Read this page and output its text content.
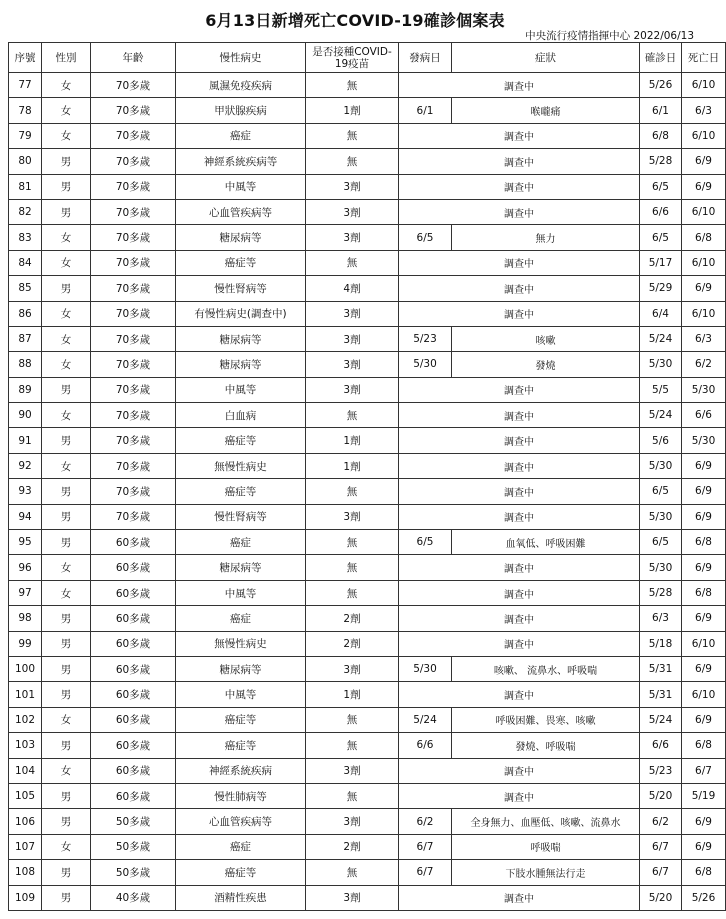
6月13日新增死亡COVID-19確診個案表
中央流行疫情指揮中心 2022/06/13
序號	性別	年齡	慢性病史	是否接種COVID-19疫苗	發病日	症狀	確診日	死亡日
77	女	70多歲	風濕免疫疾病	無	調查中		5/26	6/10
78	女	70多歲	甲狀腺疾病	1劑	6/1	喉嚨痛	6/1	6/3
79	女	70多歲	癌症	無	調查中		6/8	6/10
80	男	70多歲	神經系統疾病等	無	調查中		5/28	6/9
81	男	70多歲	中風等	3劑	調查中		6/5	6/9
82	男	70多歲	心血管疾病等	3劑	調查中		6/6	6/10
83	女	70多歲	糖尿病等	3劑	6/5	無力	6/5	6/8
84	女	70多歲	癌症等	無	調查中		5/17	6/10
85	男	70多歲	慢性腎病等	4劑	調查中		5/29	6/9
86	女	70多歲	有慢性病史(調查中)	3劑	調查中		6/4	6/10
87	女	70多歲	糖尿病等	3劑	5/23	咳嗽	5/24	6/3
88	女	70多歲	糖尿病等	3劑	5/30	發燒	5/30	6/2
89	男	70多歲	中風等	3劑	調查中		5/5	5/30
90	女	70多歲	白血病	無	調查中		5/24	6/6
91	男	70多歲	癌症等	1劑	調查中		5/6	5/30
92	女	70多歲	無慢性病史	1劑	調查中		5/30	6/9
93	男	70多歲	癌症等	無	調查中		6/5	6/9
94	男	70多歲	慢性腎病等	3劑	調查中		5/30	6/9
95	男	60多歲	癌症	無	6/5	血氧低、呼吸困難	6/5	6/8
96	女	60多歲	糖尿病等	無	調查中		5/30	6/9
97	女	60多歲	中風等	無	調查中		5/28	6/8
98	男	60多歲	癌症	2劑	調查中		6/3	6/9
99	男	60多歲	無慢性病史	2劑	調查中		5/18	6/10
100	男	60多歲	糖尿病等	3劑	5/30	咳嗽、 流鼻水、呼吸喘	5/31	6/9
101	男	60多歲	中風等	1劑	調查中		5/31	6/10
102	女	60多歲	癌症等	無	5/24	呼吸困難、畏寒、咳嗽	5/24	6/9
103	男	60多歲	癌症等	無	6/6	發燒、呼吸喘	6/6	6/8
104	女	60多歲	神經系統疾病	3劑	調查中		5/23	6/7
105	男	60多歲	慢性肺病等	無	調查中		5/20	5/19
106	男	50多歲	心血管疾病等	3劑	6/2	全身無力、血壓低、咳嗽、流鼻水	6/2	6/9
107	女	50多歲	癌症	2劑	6/7	呼吸喘	6/7	6/9
108	男	50多歲	癌症等	無	6/7	下肢水腫無法行走	6/7	6/8
109	男	40多歲	酒精性疾患	3劑	調查中		5/20	5/26
